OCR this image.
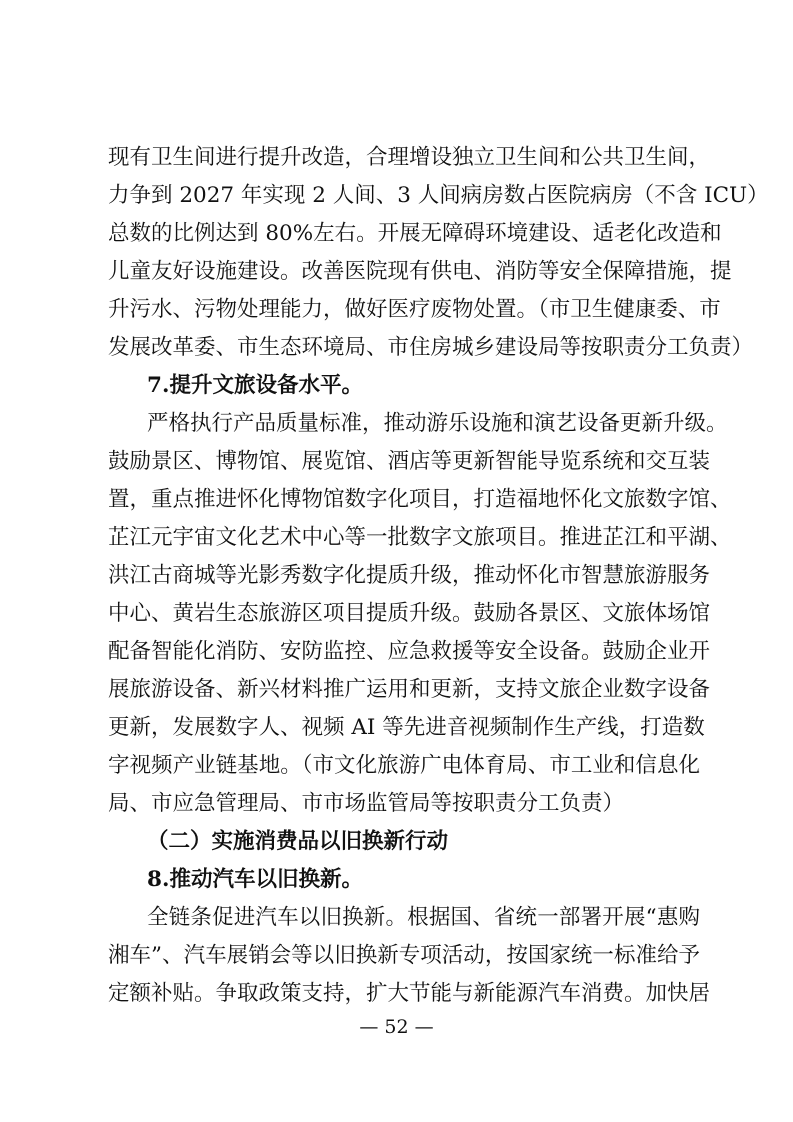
现有卫生间进行提升改造，合理增设独立卫生间和公共卫生间，
力争到 2027 年实现 2 人间、3 人间病房数占医院病房（不含 ICU）
总数的比例达到 80%左右。开展无障碍环境建设、适老化改造和
儿童友好设施建设。改善医院现有供电、消防等安全保障措施，提
升污水、污物处理能力，做好医疗废物处置。（市卫生健康委、市
发展改革委、市生态环境局、市住房城乡建设局等按职责分工负责）
7.提升文旅设备水平。
严格执行产品质量标准，推动游乐设施和演艺设备更新升级。
鼓励景区、博物馆、展览馆、酒店等更新智能导览系统和交互装
置，重点推进怀化博物馆数字化项目，打造福地怀化文旅数字馆、
芷江元宇宙文化艺术中心等一批数字文旅项目。推进芷江和平湖、
洪江古商城等光影秀数字化提质升级，推动怀化市智慧旅游服务
中心、黄岩生态旅游区项目提质升级。鼓励各景区、文旅体场馆
配备智能化消防、安防监控、应急救援等安全设备。鼓励企业开
展旅游设备、新兴材料推广运用和更新，支持文旅企业数字设备
更新，发展数字人、视频 AI 等先进音视频制作生产线，打造数
字视频产业链基地。（市文化旅游广电体育局、市工业和信息化
局、市应急管理局、市市场监管局等按职责分工负责）
（二）实施消费品以旧换新行动
8.推动汽车以旧换新。
全链条促进汽车以旧换新。根据国、省统一部署开展“惠购
湘车”、汽车展销会等以旧换新专项活动，按国家统一标准给予
定额补贴。争取政策支持，扩大节能与新能源汽车消费。加快居
— 52 —
